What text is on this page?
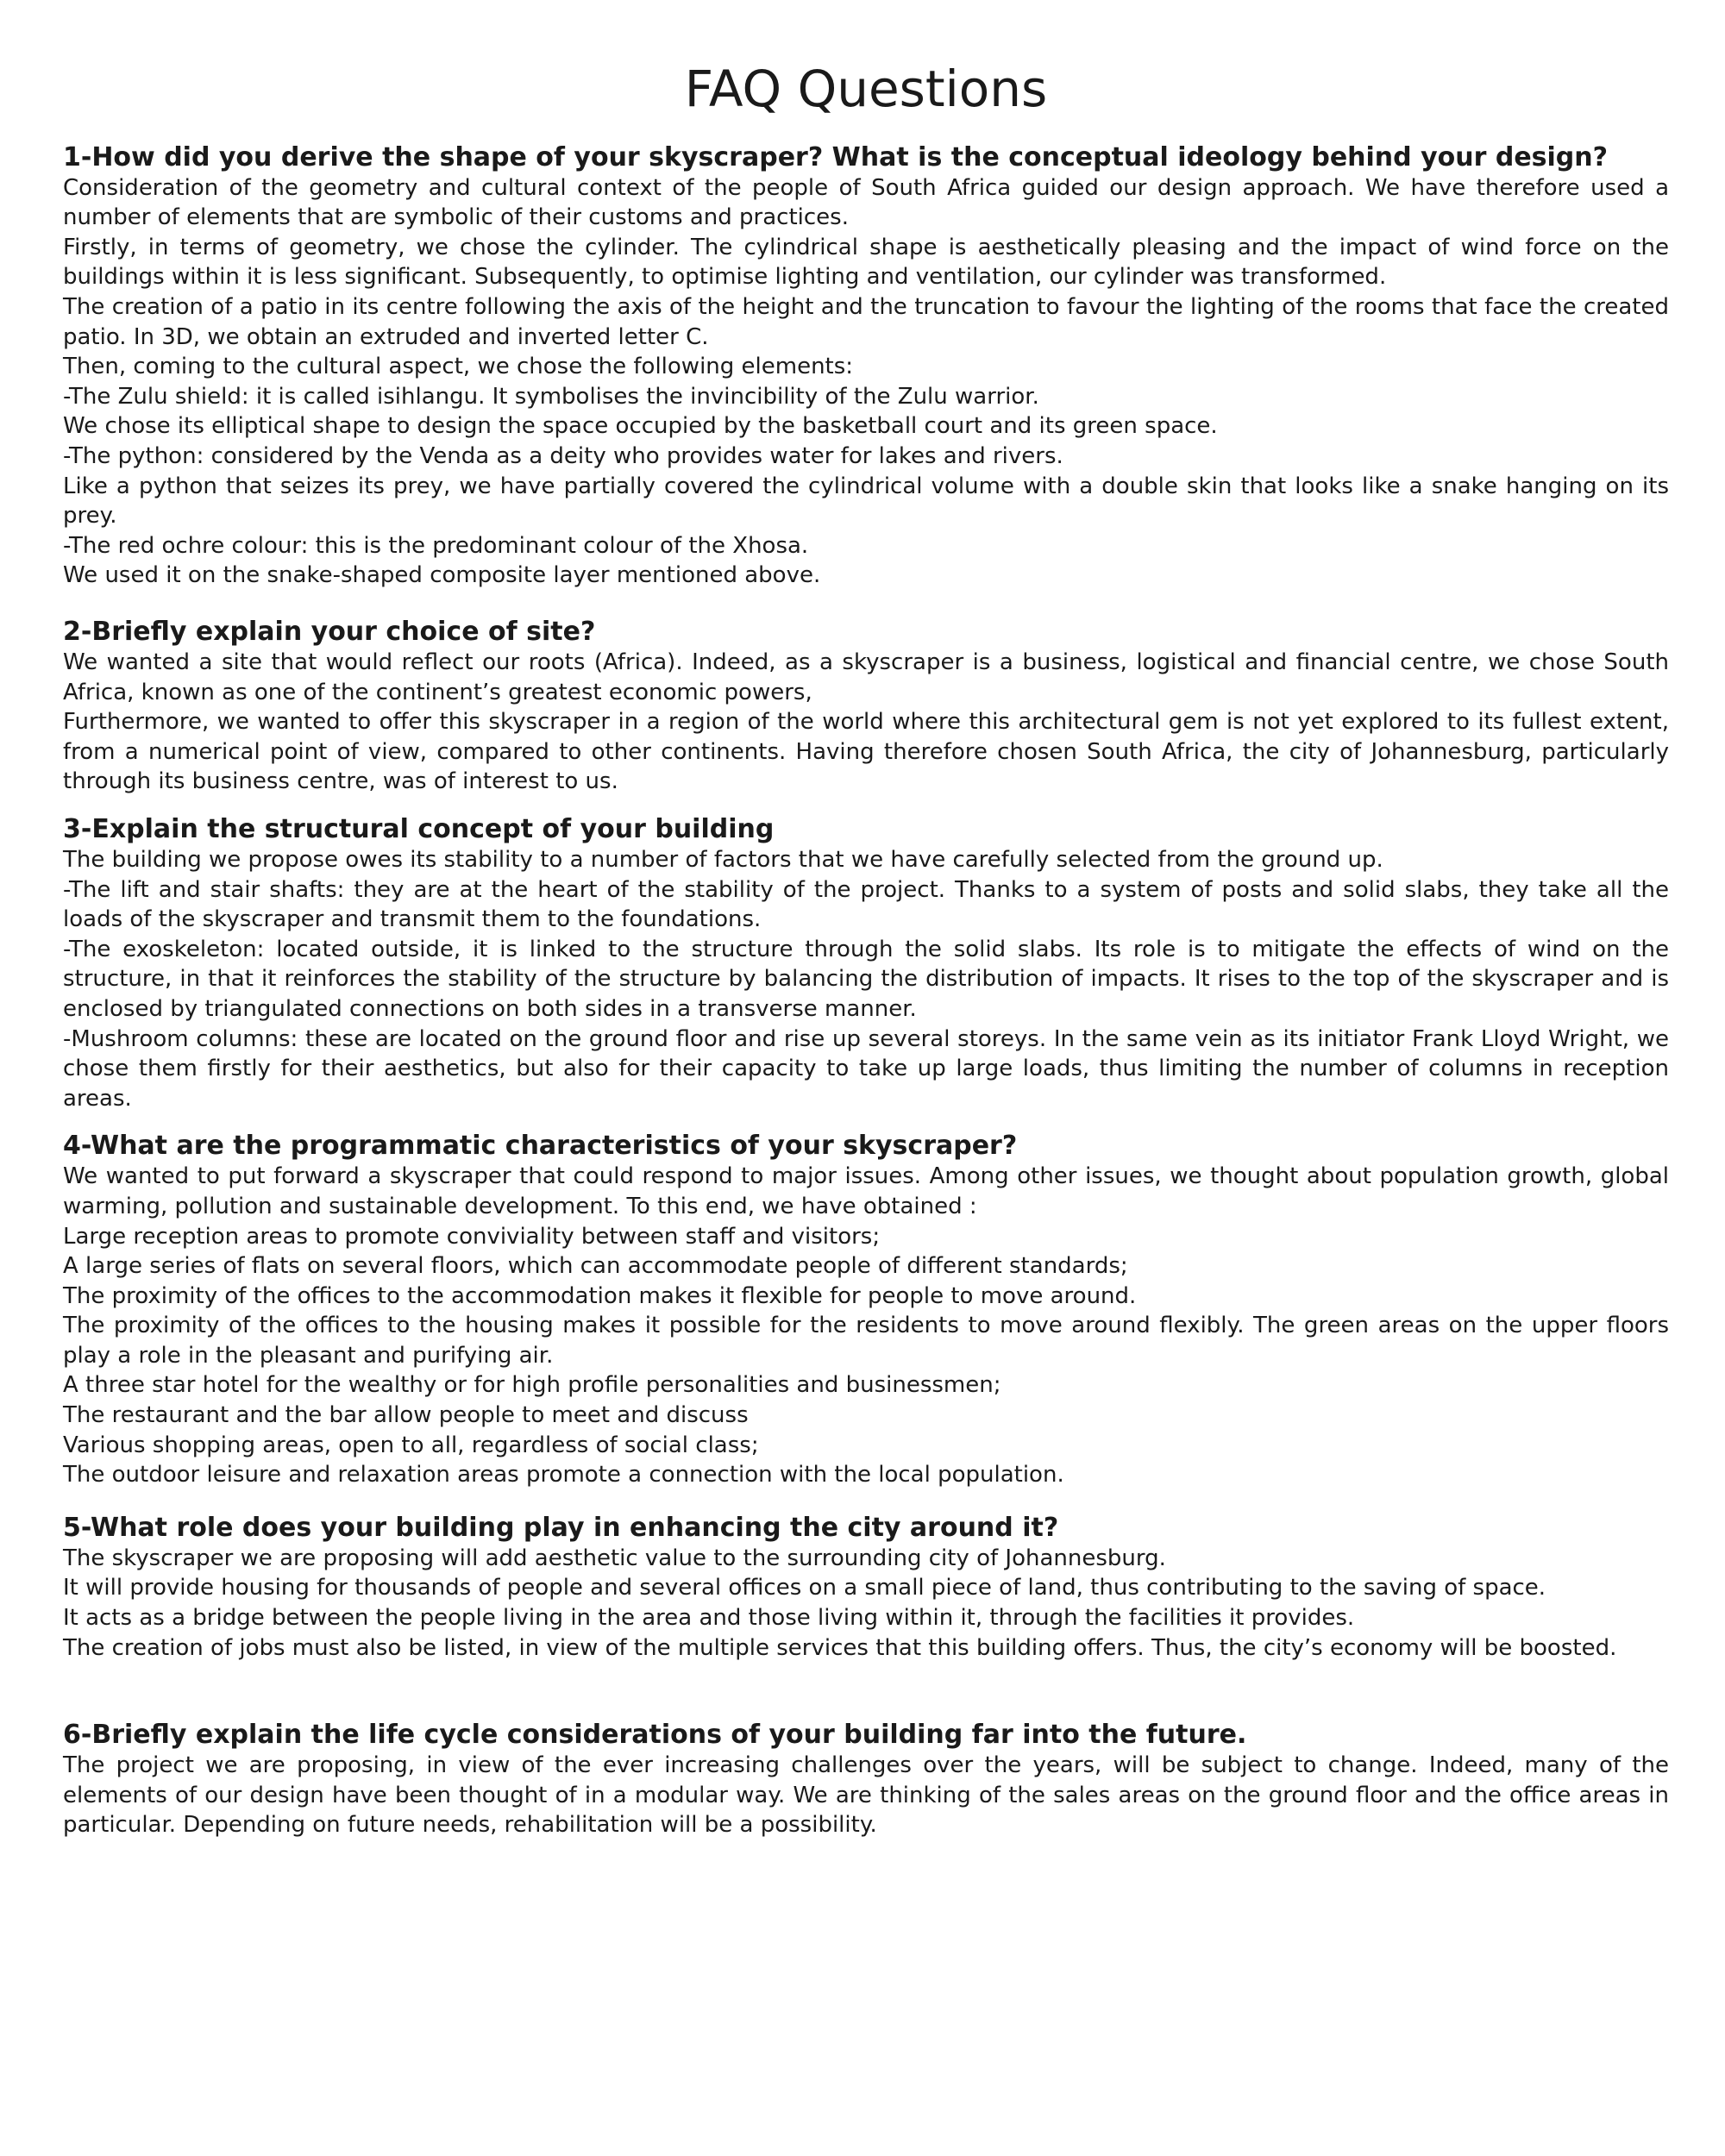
FAQ Questions
1-How did you derive the shape of your skyscraper? What is the conceptual ideology behind your design?

Consideration of the geometry and cultural context of the people of South Africa guided our design approach. We have therefore used a number of elements that are symbolic of their customs and practices.

Firstly, in terms of geometry, we chose the cylinder. The cylindrical shape is aesthetically pleasing and the impact of wind force on the buildings within it is less significant. Subsequently, to optimise lighting and ventilation, our cylinder was transformed.

The creation of a patio in its centre following the axis of the height and the truncation to favour the lighting of the rooms that face the created patio. In 3D, we obtain an extruded and inverted letter C.

Then, coming to the cultural aspect, we chose the following elements:

-The Zulu shield: it is called isihlangu. It symbolises the invincibility of the Zulu warrior.

We chose its elliptical shape to design the space occupied by the basketball court and its green space.

-The python: considered by the Venda as a deity who provides water for lakes and rivers.

Like a python that seizes its prey, we have partially covered the cylindrical volume with a double skin that looks like a snake hanging on its prey.

-The red ochre colour: this is the predominant colour of the Xhosa.

We used it on the snake-shaped composite layer mentioned above.

2-Briefly explain your choice of site?

We wanted a site that would reflect our roots (Africa). Indeed, as a skyscraper is a business, logistical and financial centre, we chose South Africa, known as one of the continent’s greatest economic powers,

Furthermore, we wanted to offer this skyscraper in a region of the world where this architectural gem is not yet explored to its fullest extent, from a numerical point of view, compared to other continents. Having therefore chosen South Africa, the city of Johannesburg, particularly through its business centre, was of interest to us.

3-Explain the structural concept of your building

The building we propose owes its stability to a number of factors that we have carefully selected from the ground up.

-The lift and stair shafts: they are at the heart of the stability of the project. Thanks to a system of posts and solid slabs, they take all the loads of the skyscraper and transmit them to the foundations.

-The exoskeleton: located outside, it is linked to the structure through the solid slabs. Its role is to mitigate the effects of wind on the structure, in that it reinforces the stability of the structure by balancing the distribution of impacts. It rises to the top of the skyscraper and is enclosed by triangulated connections on both sides in a transverse manner.

-Mushroom columns: these are located on the ground floor and rise up several storeys. In the same vein as its initiator Frank Lloyd Wright, we chose them firstly for their aesthetics, but also for their capacity to take up large loads, thus limiting the number of columns in reception areas.

4-What are the programmatic characteristics of your skyscraper?

We wanted to put forward a skyscraper that could respond to major issues. Among other issues, we thought about population growth, global warming, pollution and sustainable development. To this end, we have obtained :

Large reception areas to promote conviviality between staff and visitors;

A large series of flats on several floors, which can accommodate people of different standards;

The proximity of the offices to the accommodation makes it flexible for people to move around.

The proximity of the offices to the housing makes it possible for the residents to move around flexibly. The green areas on the upper floors play a role in the pleasant and purifying air.

A three star hotel for the wealthy or for high profile personalities and businessmen;

The restaurant and the bar allow people to meet and discuss

Various shopping areas, open to all, regardless of social class;

The outdoor leisure and relaxation areas promote a connection with the local population.

5-What role does your building play in enhancing the city around it?

The skyscraper we are proposing will add aesthetic value to the surrounding city of Johannesburg.

It will provide housing for thousands of people and several offices on a small piece of land, thus contributing to the saving of space.

It acts as a bridge between the people living in the area and those living within it, through the facilities it provides.

The creation of jobs must also be listed, in view of the multiple services that this building offers. Thus, the city’s economy will be boosted.

6-Briefly explain the life cycle considerations of your building far into the future.

The project we are proposing, in view of the ever increasing challenges over the years, will be subject to change. Indeed, many of the elements of our design have been thought of in a modular way. We are thinking of the sales areas on the ground floor and the office areas in particular. Depending on future needs, rehabilitation will be a possibility.
